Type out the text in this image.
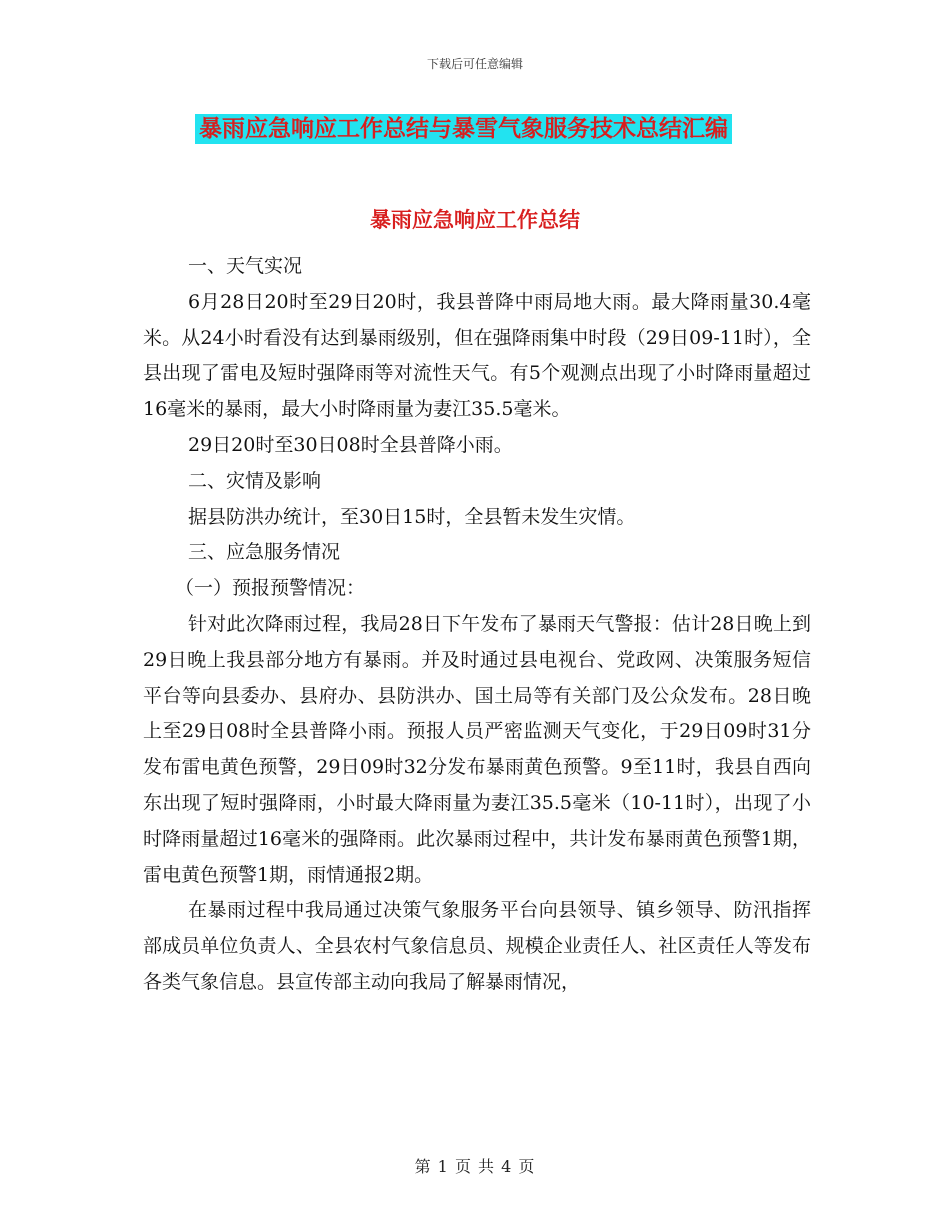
下载后可任意编辑
暴雨应急响应工作总结与暴雪气象服务技术总结汇编
暴雨应急响应工作总结

一、天气实况

6月28日20时至29日20时，我县普降中雨局地大雨。最大降雨量30.4毫米。从24小时看没有达到暴雨级别，但在强降雨集中时段（29日09-11时），全县出现了雷电及短时强降雨等对流性天气。有5个观测点出现了小时降雨量超过16毫米的暴雨，最大小时降雨量为妻江35.5毫米。

29日20时至30日08时全县普降小雨。

二、灾情及影响

据县防洪办统计，至30日15时，全县暂未发生灾情。

三、应急服务情况

（一）预报预警情况：

针对此次降雨过程，我局28日下午发布了暴雨天气警报：估计28日晚上到29日晚上我县部分地方有暴雨。并及时通过县电视台、党政网、决策服务短信平台等向县委办、县府办、县防洪办、国土局等有关部门及公众发布。28日晚上至29日08时全县普降小雨。预报人员严密监测天气变化，于29日09时31分发布雷电黄色预警，29日09时32分发布暴雨黄色预警。9至11时，我县自西向东出现了短时强降雨，小时最大降雨量为妻江35.5毫米（10-11时），出现了小时降雨量超过16毫米的强降雨。此次暴雨过程中，共计发布暴雨黄色预警1期，雷电黄色预警1期，雨情通报2期。

在暴雨过程中我局通过决策气象服务平台向县领导、镇乡领导、防汛指挥部成员单位负责人、全县农村气象信息员、规模企业责任人、社区责任人等发布各类气象信息。县宣传部主动向我局了解暴雨情况，

第 1 页 共 4 页
